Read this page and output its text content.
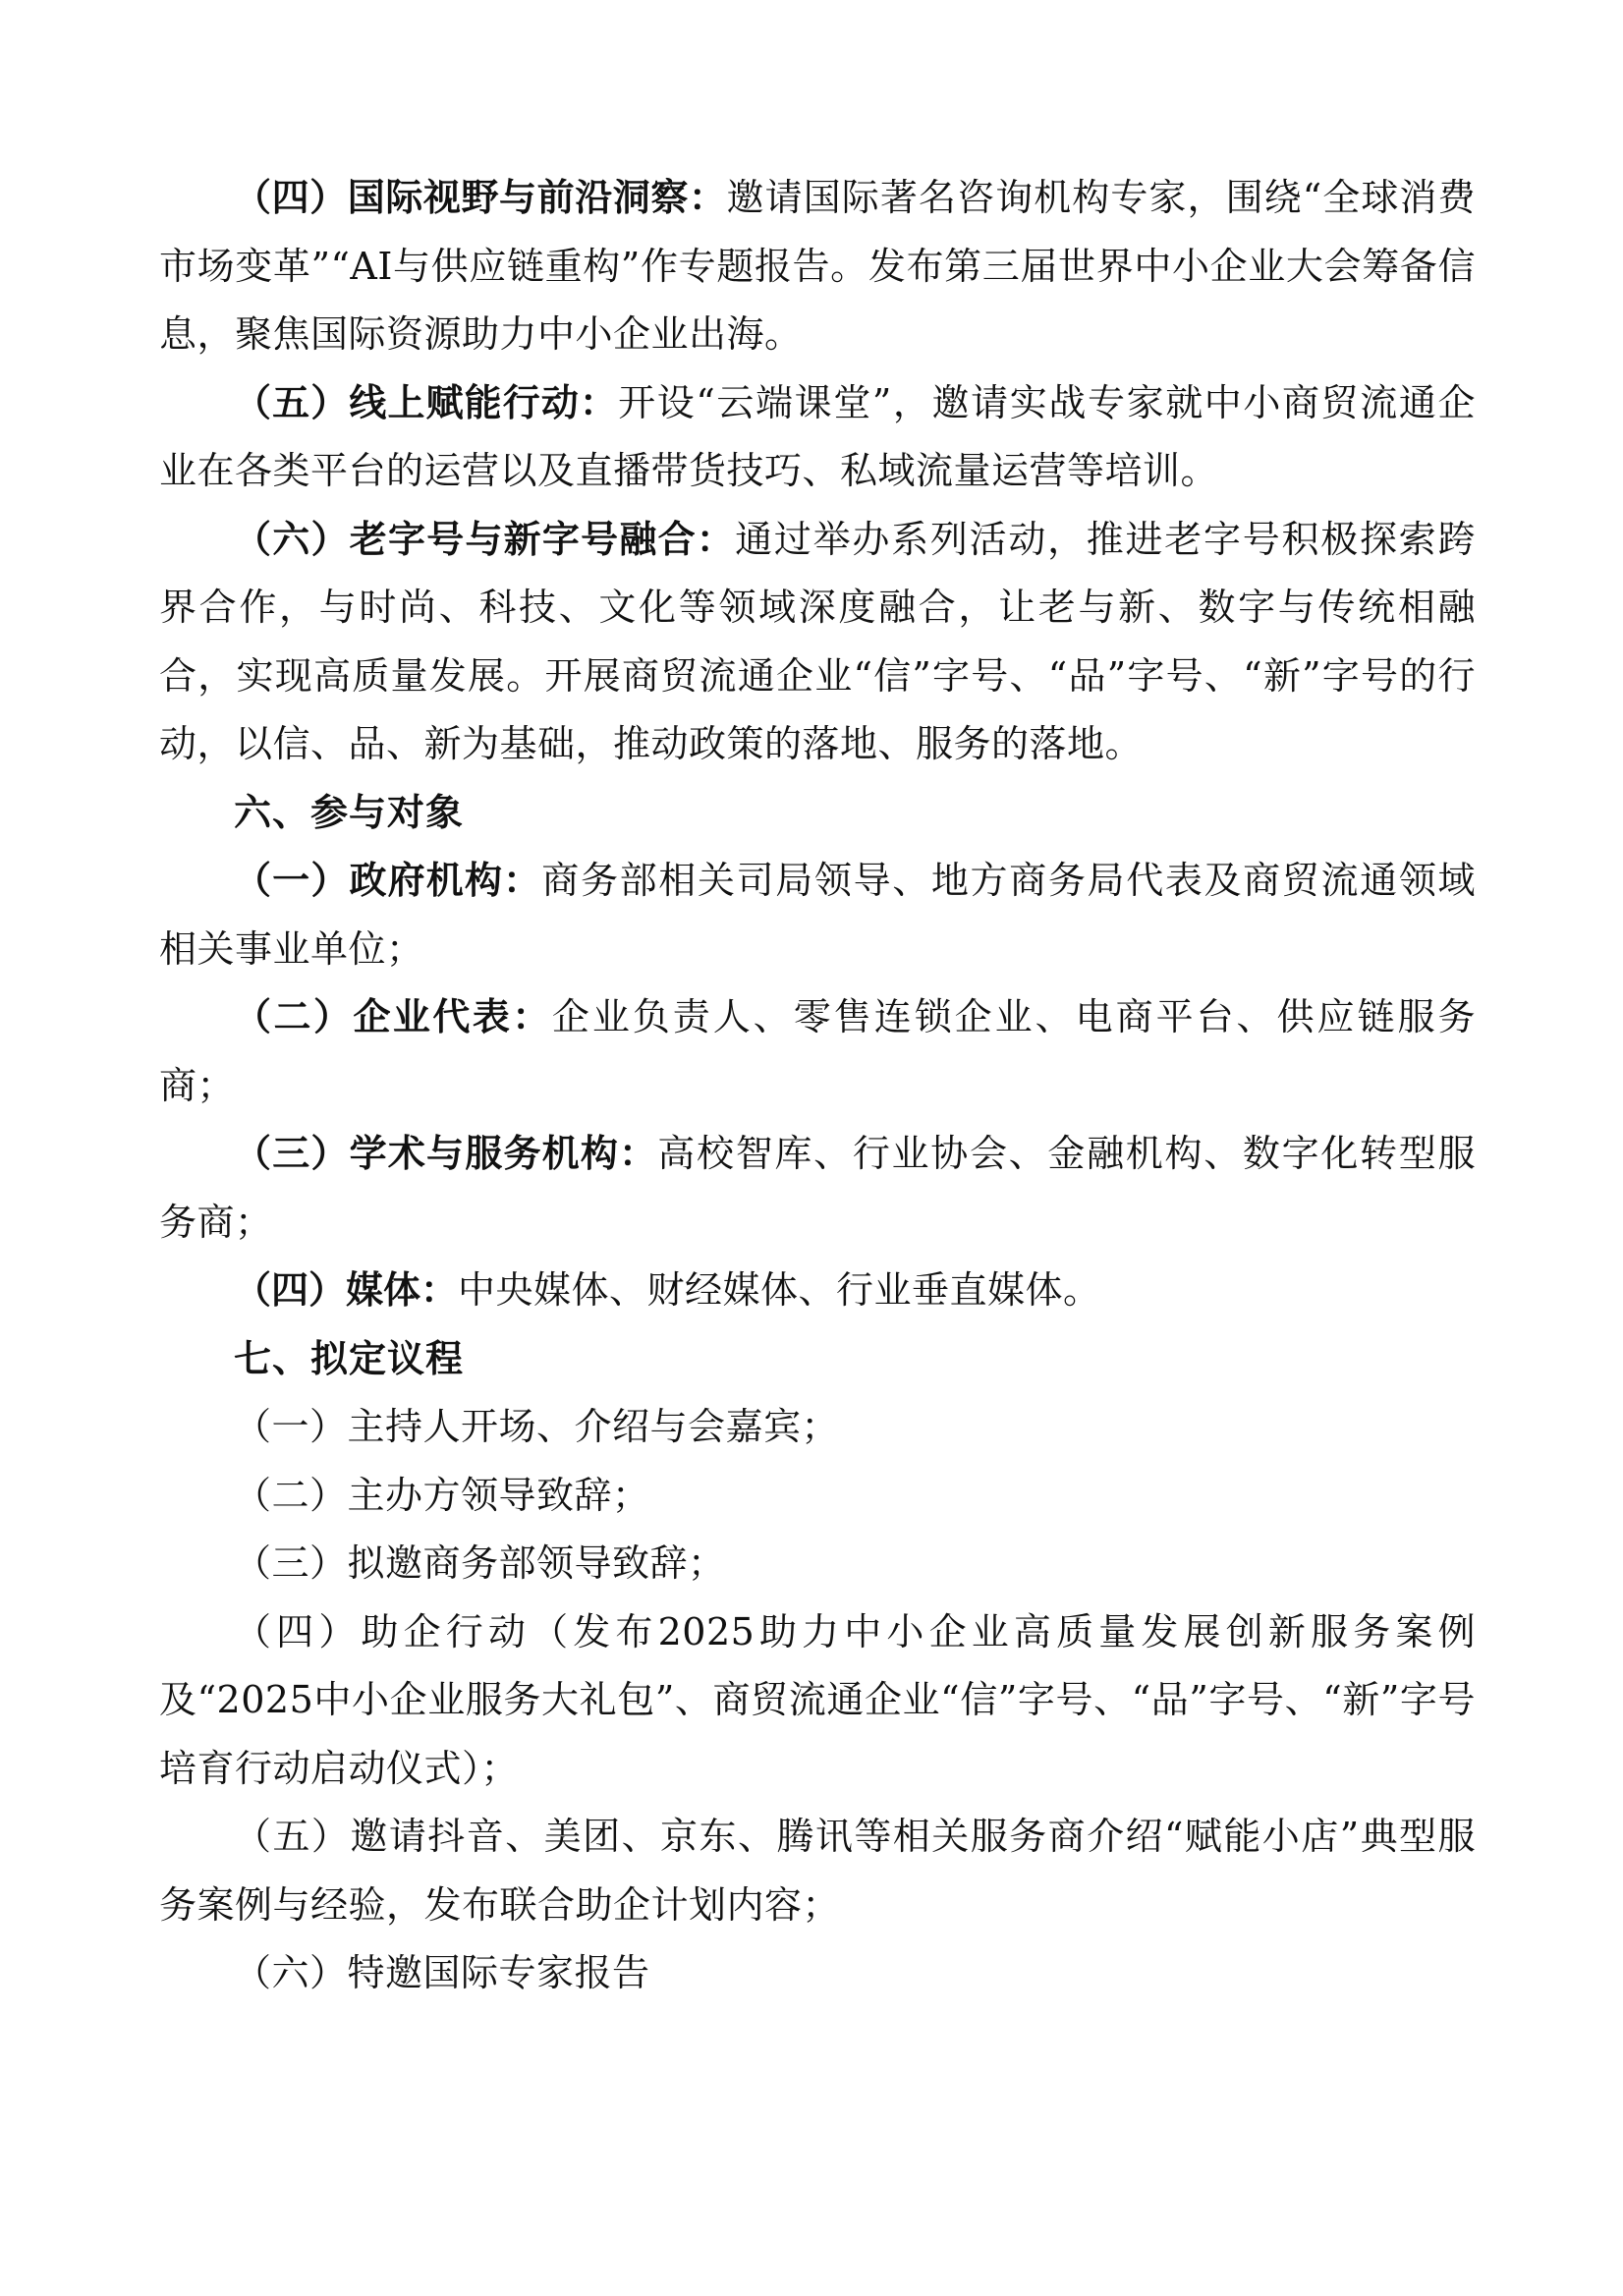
（四）国际视野与前沿洞察：邀请国际著名咨询机构专家，围绕“全球消费市场变革”“AI与供应链重构”作专题报告。发布第三届世界中小企业大会筹备信息，聚焦国际资源助力中小企业出海。

（五）线上赋能行动：开设“云端课堂”，邀请实战专家就中小商贸流通企业在各类平台的运营以及直播带货技巧、私域流量运营等培训。

（六）老字号与新字号融合：通过举办系列活动，推进老字号积极探索跨界合作，与时尚、科技、文化等领域深度融合，让老与新、数字与传统相融合，实现高质量发展。开展商贸流通企业“信”字号、“品”字号、“新”字号的行动，以信、品、新为基础，推动政策的落地、服务的落地。

六、参与对象

（一）政府机构：商务部相关司局领导、地方商务局代表及商贸流通领域相关事业单位；

（二）企业代表：企业负责人、零售连锁企业、电商平台、供应链服务商；

（三）学术与服务机构：高校智库、行业协会、金融机构、数字化转型服务商；

（四）媒体：中央媒体、财经媒体、行业垂直媒体。

七、拟定议程

（一）主持人开场、介绍与会嘉宾；

（二）主办方领导致辞；

（三）拟邀商务部领导致辞；

（四）助企行动（发布2025助力中小企业高质量发展创新服务案例及“2025中小企业服务大礼包”、商贸流通企业“信”字号、“品”字号、“新”字号培育行动启动仪式）；

（五）邀请抖音、美团、京东、腾讯等相关服务商介绍“赋能小店”典型服务案例与经验，发布联合助企计划内容；

（六）特邀国际专家报告
